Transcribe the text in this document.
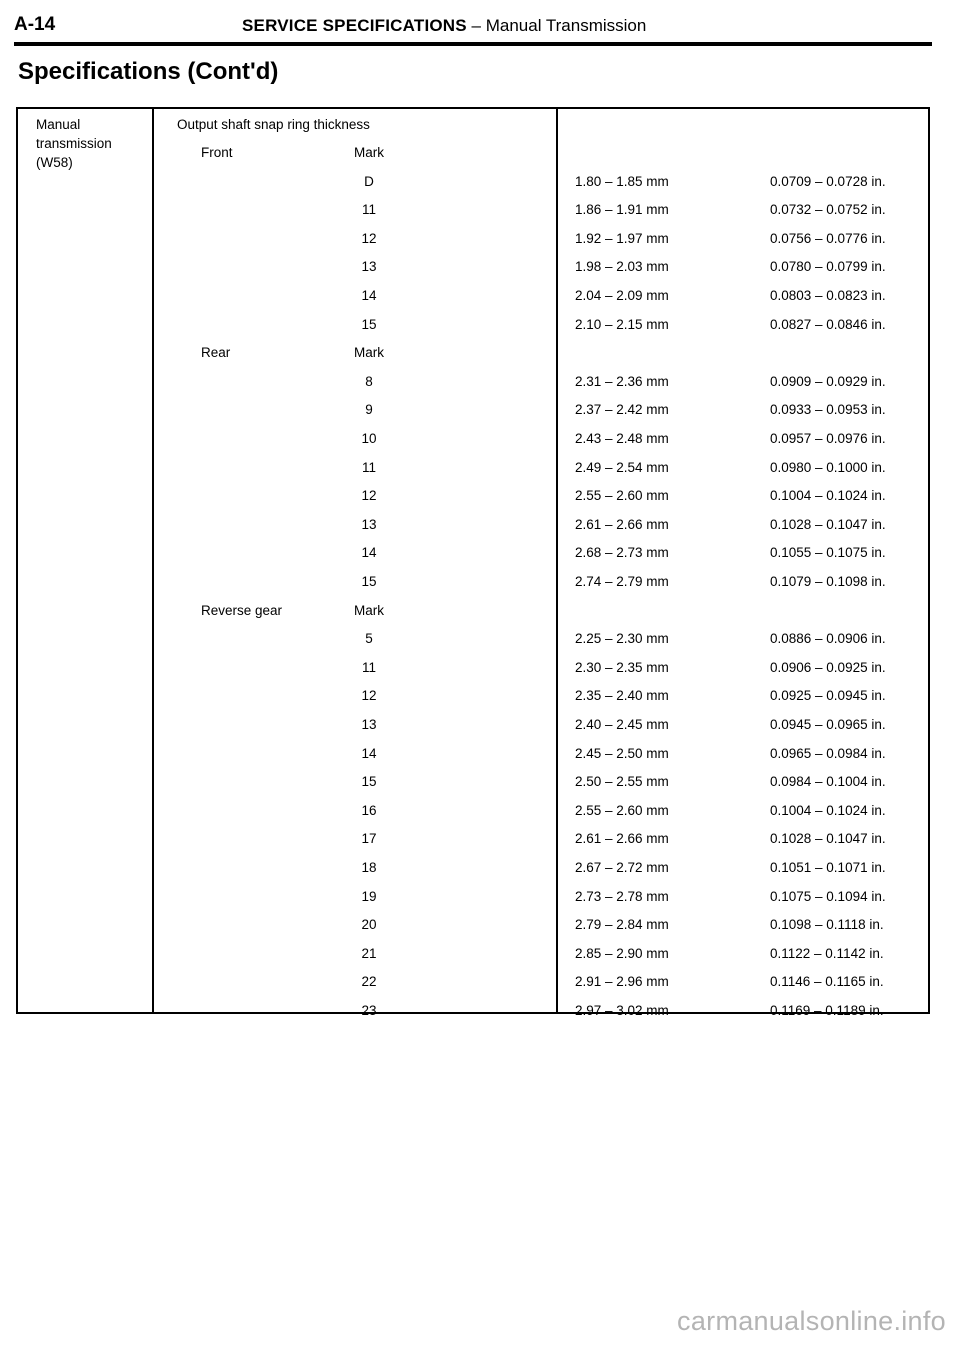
A-14	SERVICE SPECIFICATIONS – Manual Transmission
Specifications (Cont'd)
Manual
transmission
(W58)
Output shaft snap ring thickness
Front	Mark
D	1.80 – 1.85 mm	0.0709 – 0.0728 in.
11	1.86 – 1.91 mm	0.0732 – 0.0752 in.
12	1.92 – 1.97 mm	0.0756 – 0.0776 in.
13	1.98 – 2.03 mm	0.0780 – 0.0799 in.
14	2.04 – 2.09 mm	0.0803 – 0.0823 in.
15	2.10 – 2.15 mm	0.0827 – 0.0846 in.
Rear	Mark
8	2.31 – 2.36 mm	0.0909 – 0.0929 in.
9	2.37 – 2.42 mm	0.0933 – 0.0953 in.
10	2.43 – 2.48 mm	0.0957 – 0.0976 in.
11	2.49 – 2.54 mm	0.0980 – 0.1000 in.
12	2.55 – 2.60 mm	0.1004 – 0.1024 in.
13	2.61 – 2.66 mm	0.1028 – 0.1047 in.
14	2.68 – 2.73 mm	0.1055 – 0.1075 in.
15	2.74 – 2.79 mm	0.1079 – 0.1098 in.
Reverse gear	Mark
5	2.25 – 2.30 mm	0.0886 – 0.0906 in.
11	2.30 – 2.35 mm	0.0906 – 0.0925 in.
12	2.35 – 2.40 mm	0.0925 – 0.0945 in.
13	2.40 – 2.45 mm	0.0945 – 0.0965 in.
14	2.45 – 2.50 mm	0.0965 – 0.0984 in.
15	2.50 – 2.55 mm	0.0984 – 0.1004 in.
16	2.55 – 2.60 mm	0.1004 – 0.1024 in.
17	2.61 – 2.66 mm	0.1028 – 0.1047 in.
18	2.67 – 2.72 mm	0.1051 – 0.1071 in.
19	2.73 – 2.78 mm	0.1075 – 0.1094 in.
20	2.79 – 2.84 mm	0.1098 – 0.1118 in.
21	2.85 – 2.90 mm	0.1122 – 0.1142 in.
22	2.91 – 2.96 mm	0.1146 – 0.1165 in.
23	2.97 – 3.02 mm	0.1169 – 0.1189 in.
carmanualsonline.info
